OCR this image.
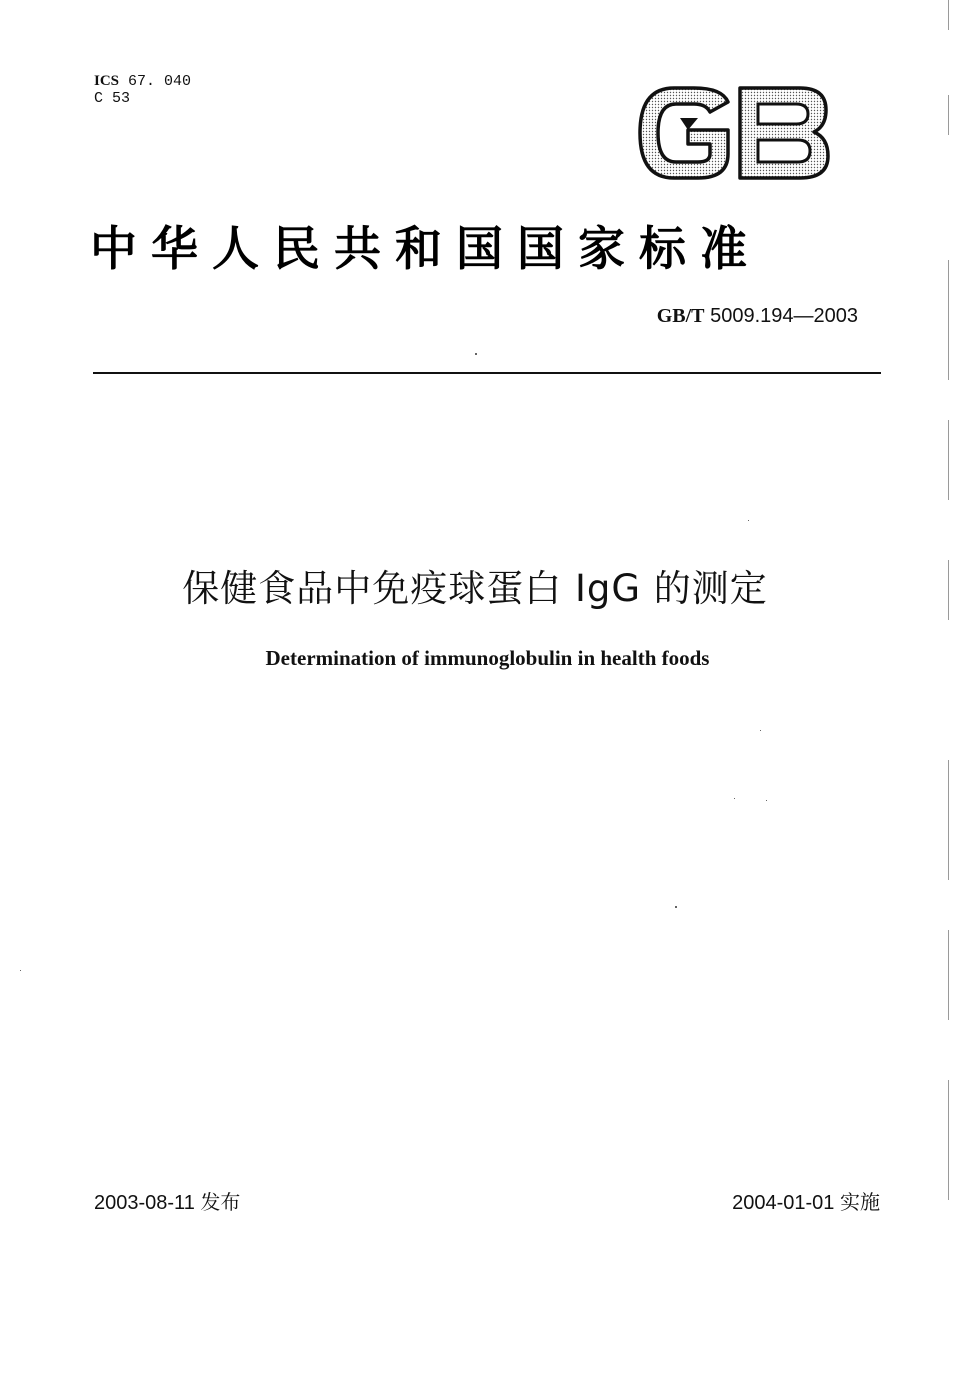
ICS 67. 040
C 53
GB
中华人民共和国国家标准
GB/T 5009.194—2003
保健食品中免疫球蛋白 IgG 的测定
Determination of immunoglobulin in health foods
2003-08-11 发布	2004-01-01 实施
